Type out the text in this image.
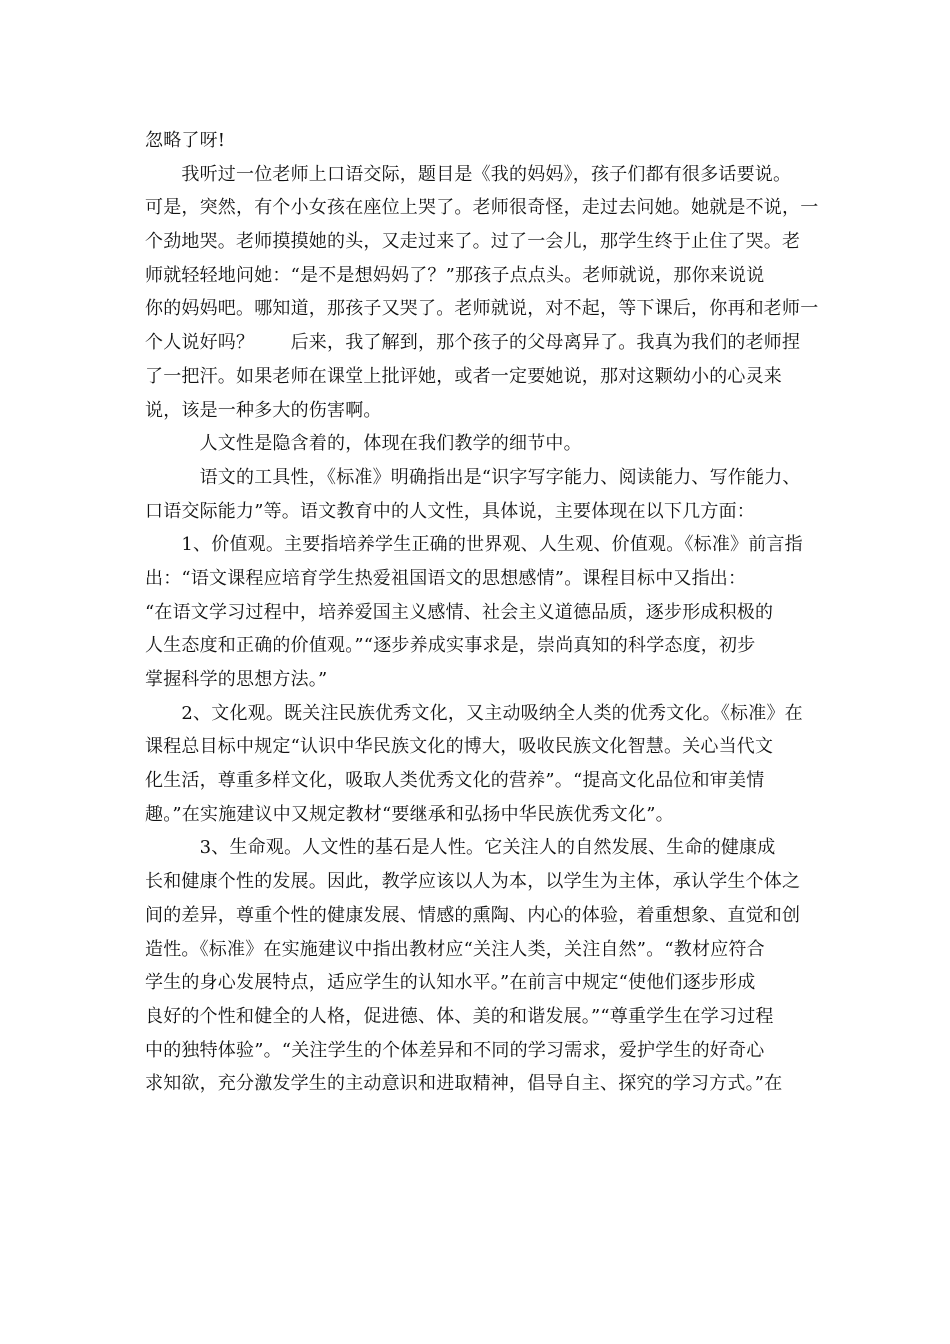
忽略了呀!
　　我听过一位老师上口语交际，题目是《我的妈妈》，孩子们都有很多话要说。
可是，突然，有个小女孩在座位上哭了。老师很奇怪，走过去问她。她就是不说，一
个劲地哭。老师摸摸她的头，又走过来了。过了一会儿，那学生终于止住了哭。老
师就轻轻地问她：“是不是想妈妈了？”那孩子点点头。老师就说，那你来说说
你的妈妈吧。哪知道，那孩子又哭了。老师就说，对不起，等下课后，你再和老师一
个人说好吗？　　后来，我了解到，那个孩子的父母离异了。我真为我们的老师捏
了一把汗。如果老师在课堂上批评她，或者一定要她说，那对这颗幼小的心灵来
说，该是一种多大的伤害啊。
　　　人文性是隐含着的，体现在我们教学的细节中。
　　　语文的工具性，《标准》明确指出是“识字写字能力、阅读能力、写作能力、
口语交际能力”等。语文教育中的人文性，具体说，主要体现在以下几方面：
　　1、价值观。主要指培养学生正确的世界观、人生观、价值观。《标准》前言指
出：“语文课程应培育学生热爱祖国语文的思想感情”。课程目标中又指出：
“在语文学习过程中，培养爱国主义感情、社会主义道德品质，逐步形成积极的
人生态度和正确的价值观。”“逐步养成实事求是，崇尚真知的科学态度，初步
掌握科学的思想方法。”
　　2、文化观。既关注民族优秀文化，又主动吸纳全人类的优秀文化。《标准》在
课程总目标中规定“认识中华民族文化的博大，吸收民族文化智慧。关心当代文
化生活，尊重多样文化，吸取人类优秀文化的营养”。“提高文化品位和审美情
趣。”在实施建议中又规定教材“要继承和弘扬中华民族优秀文化”。
　　　3、生命观。人文性的基石是人性。它关注人的自然发展、生命的健康成
长和健康个性的发展。因此，教学应该以人为本，以学生为主体，承认学生个体之
间的差异，尊重个性的健康发展、情感的熏陶、内心的体验，着重想象、直觉和创
造性。《标准》在实施建议中指出教材应“关注人类，关注自然”。“教材应符合
学生的身心发展特点，适应学生的认知水平。”在前言中规定“使他们逐步形成
良好的个性和健全的人格，促进德、体、美的和谐发展。”“尊重学生在学习过程
中的独特体验”。“关注学生的个体差异和不同的学习需求，爱护学生的好奇心
求知欲，充分激发学生的主动意识和进取精神，倡导自主、探究的学习方式。”在
